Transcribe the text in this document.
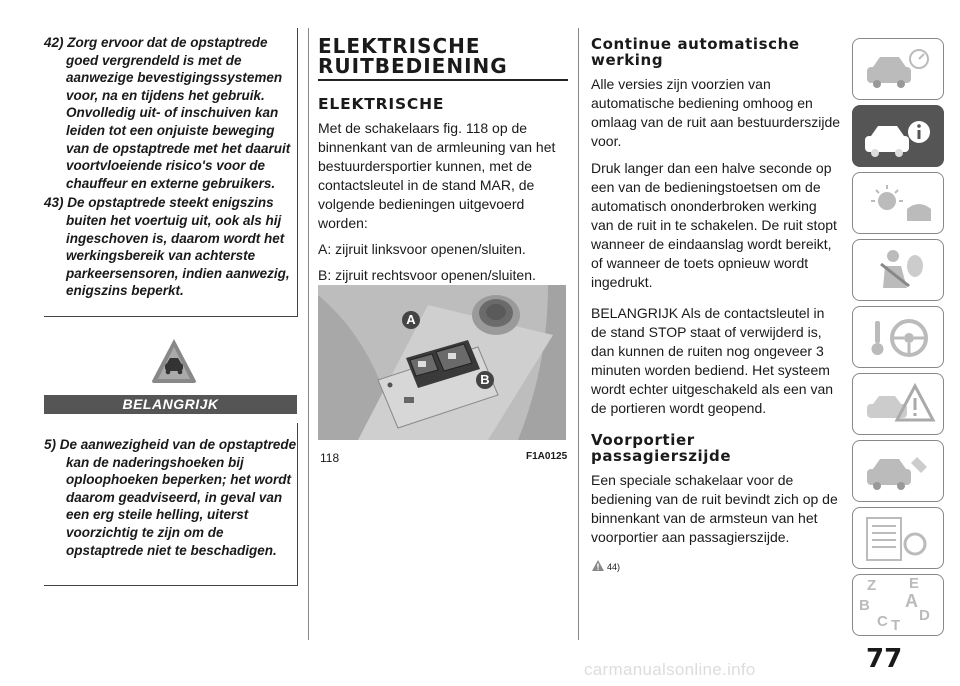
42) Zorg ervoor dat de opstaptrede goed vergrendeld is met de aanwezige bevestigingssystemen voor, na en tijdens het gebruik. Onvolledig uit- of inschuiven kan leiden tot een onjuiste beweging van de opstaptrede met het daaruit voortvloeiende risico's voor de chauffeur en externe gebruikers.

43) De opstaptrede steekt enigszins buiten het voertuig uit, ook als hij ingeschoven is, daarom wordt het werkingsbereik van achterste parkeersensoren, indien aanwezig, enigszins beperkt.

BELANGRIJK

5) De aanwezigheid van de opstaptrede kan de naderingshoeken bij oploophoeken beperken; het wordt daarom geadviseerd, in geval van een erg steile helling, uiterst voorzichtig te zijn om de opstaptrede niet te beschadigen.

ELEKTRISCHE
RUITBEDIENING
ELEKTRISCHE

Met de schakelaars fig. 118 op de binnenkant van de armleuning van het bestuurdersportier kunnen, met de contactsleutel in de stand MAR, de volgende bedieningen uitgevoerd worden:

A: zijruit linksvoor openen/sluiten.

B: zijruit rechtsvoor openen/sluiten.

A
B
118	F1A0125
Continue automatische
werking

Alle versies zijn voorzien van automatische bediening omhoog en omlaag van de ruit aan bestuurderszijde voor.

Druk langer dan een halve seconde op een van de bedieningstoetsen om de automatisch ononderbroken werking van de ruit in te schakelen. De ruit stopt wanneer de eindaanslag wordt bereikt, of wanneer de toets opnieuw wordt ingedrukt.

BELANGRIJK Als de contactsleutel in de stand STOP staat of verwijderd is, dan kunnen de ruiten nog ongeveer 3 minuten worden bediend. Het systeem wordt echter uitgeschakeld als een van de portieren wordt geopend.

Voorportier
passagierszijde

Een speciale schakelaar voor de bediening van de ruit bevindt zich op de binnenkant van de armsteun van het voorportier aan passagierszijde.

44)
Z E
B A
C T
D
77
carmanualsonline.info
